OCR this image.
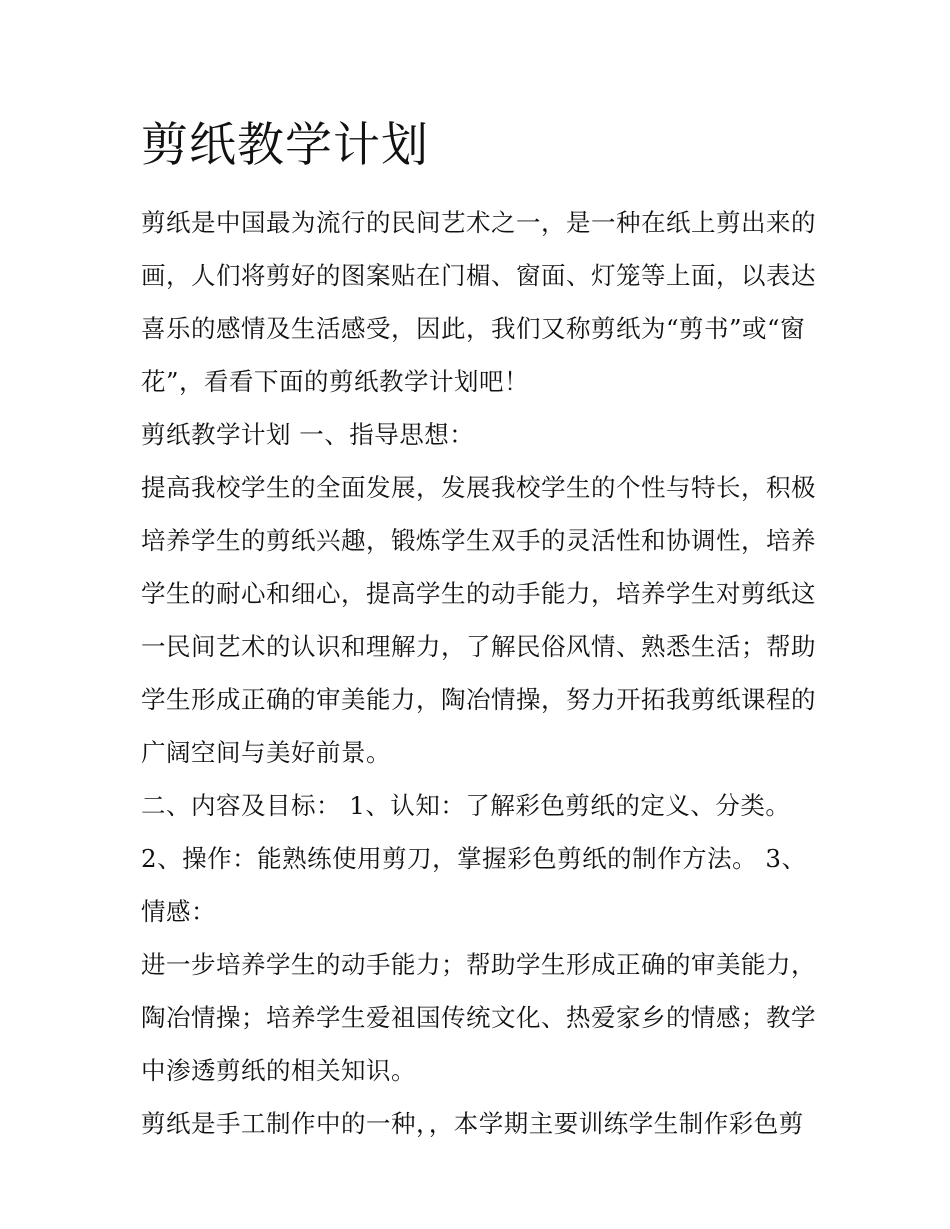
剪纸教学计划

剪纸是中国最为流行的民间艺术之一，是一种在纸上剪出来的

画，人们将剪好的图案贴在门楣、窗面、灯笼等上面，以表达

喜乐的感情及生活感受，因此，我们又称剪纸为“剪书”或“窗

花”，看看下面的剪纸教学计划吧！

剪纸教学计划 一、指导思想：

提高我校学生的全面发展，发展我校学生的个性与特长，积极

培养学生的剪纸兴趣，锻炼学生双手的灵活性和协调性，培养

学生的耐心和细心，提高学生的动手能力，培养学生对剪纸这

一民间艺术的认识和理解力，了解民俗风情、熟悉生活；帮助

学生形成正确的审美能力，陶冶情操，努力开拓我剪纸课程的

广阔空间与美好前景。

二、内容及目标： 1、认知：了解彩色剪纸的定义、分类。

2、操作：能熟练使用剪刀，掌握彩色剪纸的制作方法。 3、

情感：

进一步培养学生的动手能力；帮助学生形成正确的审美能力，

陶冶情操；培养学生爱祖国传统文化、热爱家乡的情感；教学

中渗透剪纸的相关知识。

剪纸是手工制作中的一种，，本学期主要训练学生制作彩色剪
